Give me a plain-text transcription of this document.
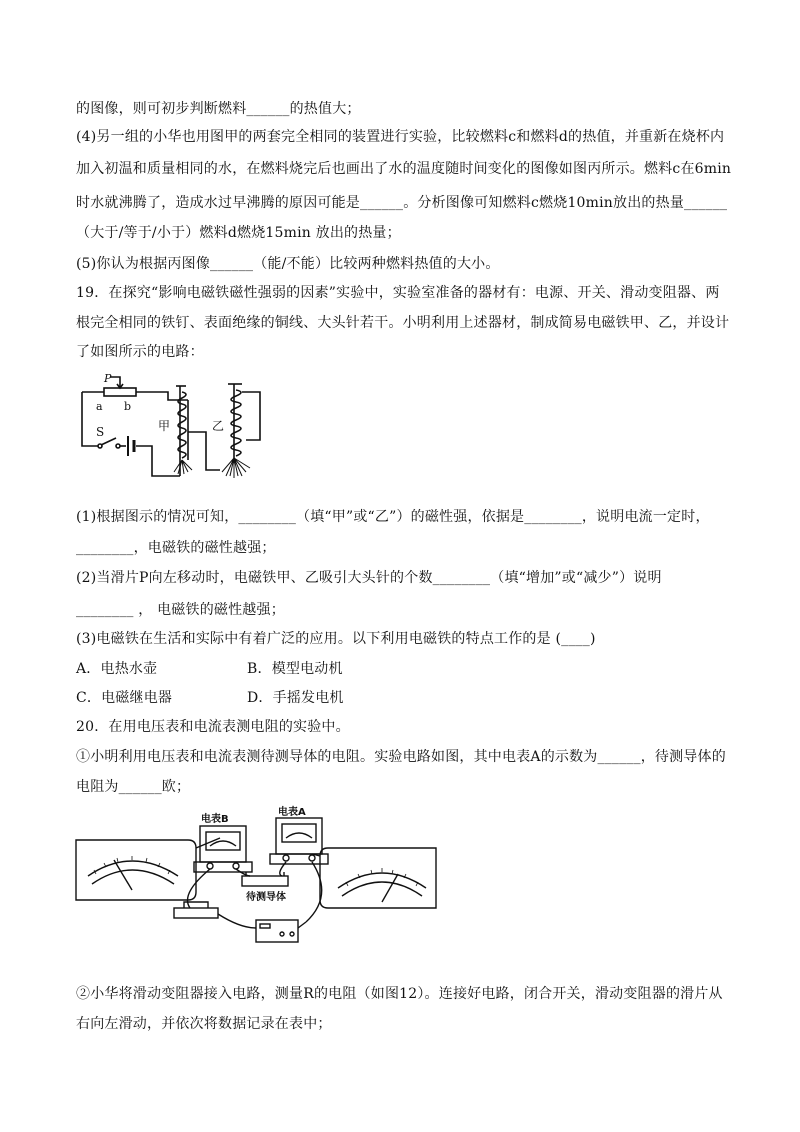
的图像，则可初步判断燃料______的热值大；
(4)另一组的小华也用图甲的两套完全相同的装置进行实验，比较燃料c和燃料d的热值，并重新在烧杯内
加入初温和质量相同的水，在燃料烧完后也画出了水的温度随时间变化的图像如图丙所示。燃料c在6min
时水就沸腾了，造成水过早沸腾的原因可能是______。分析图像可知燃料c燃烧10min放出的热量______
（大于/等于/小于）燃料d燃烧15min 放出的热量；
(5)你认为根据丙图像______（能/不能）比较两种燃料热值的大小。
19．在探究“影响电磁铁磁性强弱的因素”实验中，实验室准备的器材有：电源、开关、滑动变阻器、两
根完全相同的铁钉、表面绝缘的铜线、大头针若干。小明利用上述器材，制成简易电磁铁甲、乙，并设计
了如图所示的电路：
P
a b
S	甲	乙
(1)根据图示的情况可知，________（填“甲”或“乙”）的磁性强，依据是________，说明电流一定时，
________，电磁铁的磁性越强；
(2)当滑片P向左移动时，电磁铁甲、乙吸引大头针的个数________（填“增加”或“减少”）说明
________ ， 电磁铁的磁性越强；
(3)电磁铁在生活和实际中有着广泛的应用。以下利用电磁铁的特点工作的是 (____)
A．电热水壶	B．模型电动机
C．电磁继电器	D．手摇发电机
20．在用电压表和电流表测电阻的实验中。
①小明利用电压表和电流表测待测导体的电阻。实验电路如图，其中电表A的示数为______，待测导体的
电阻为______欧；
电表B
电表A
待测导体
②小华将滑动变阻器接入电路，测量R的电阻（如图12）。连接好电路，闭合开关，滑动变阻器的滑片从
右向左滑动，并依次将数据记录在表中；
